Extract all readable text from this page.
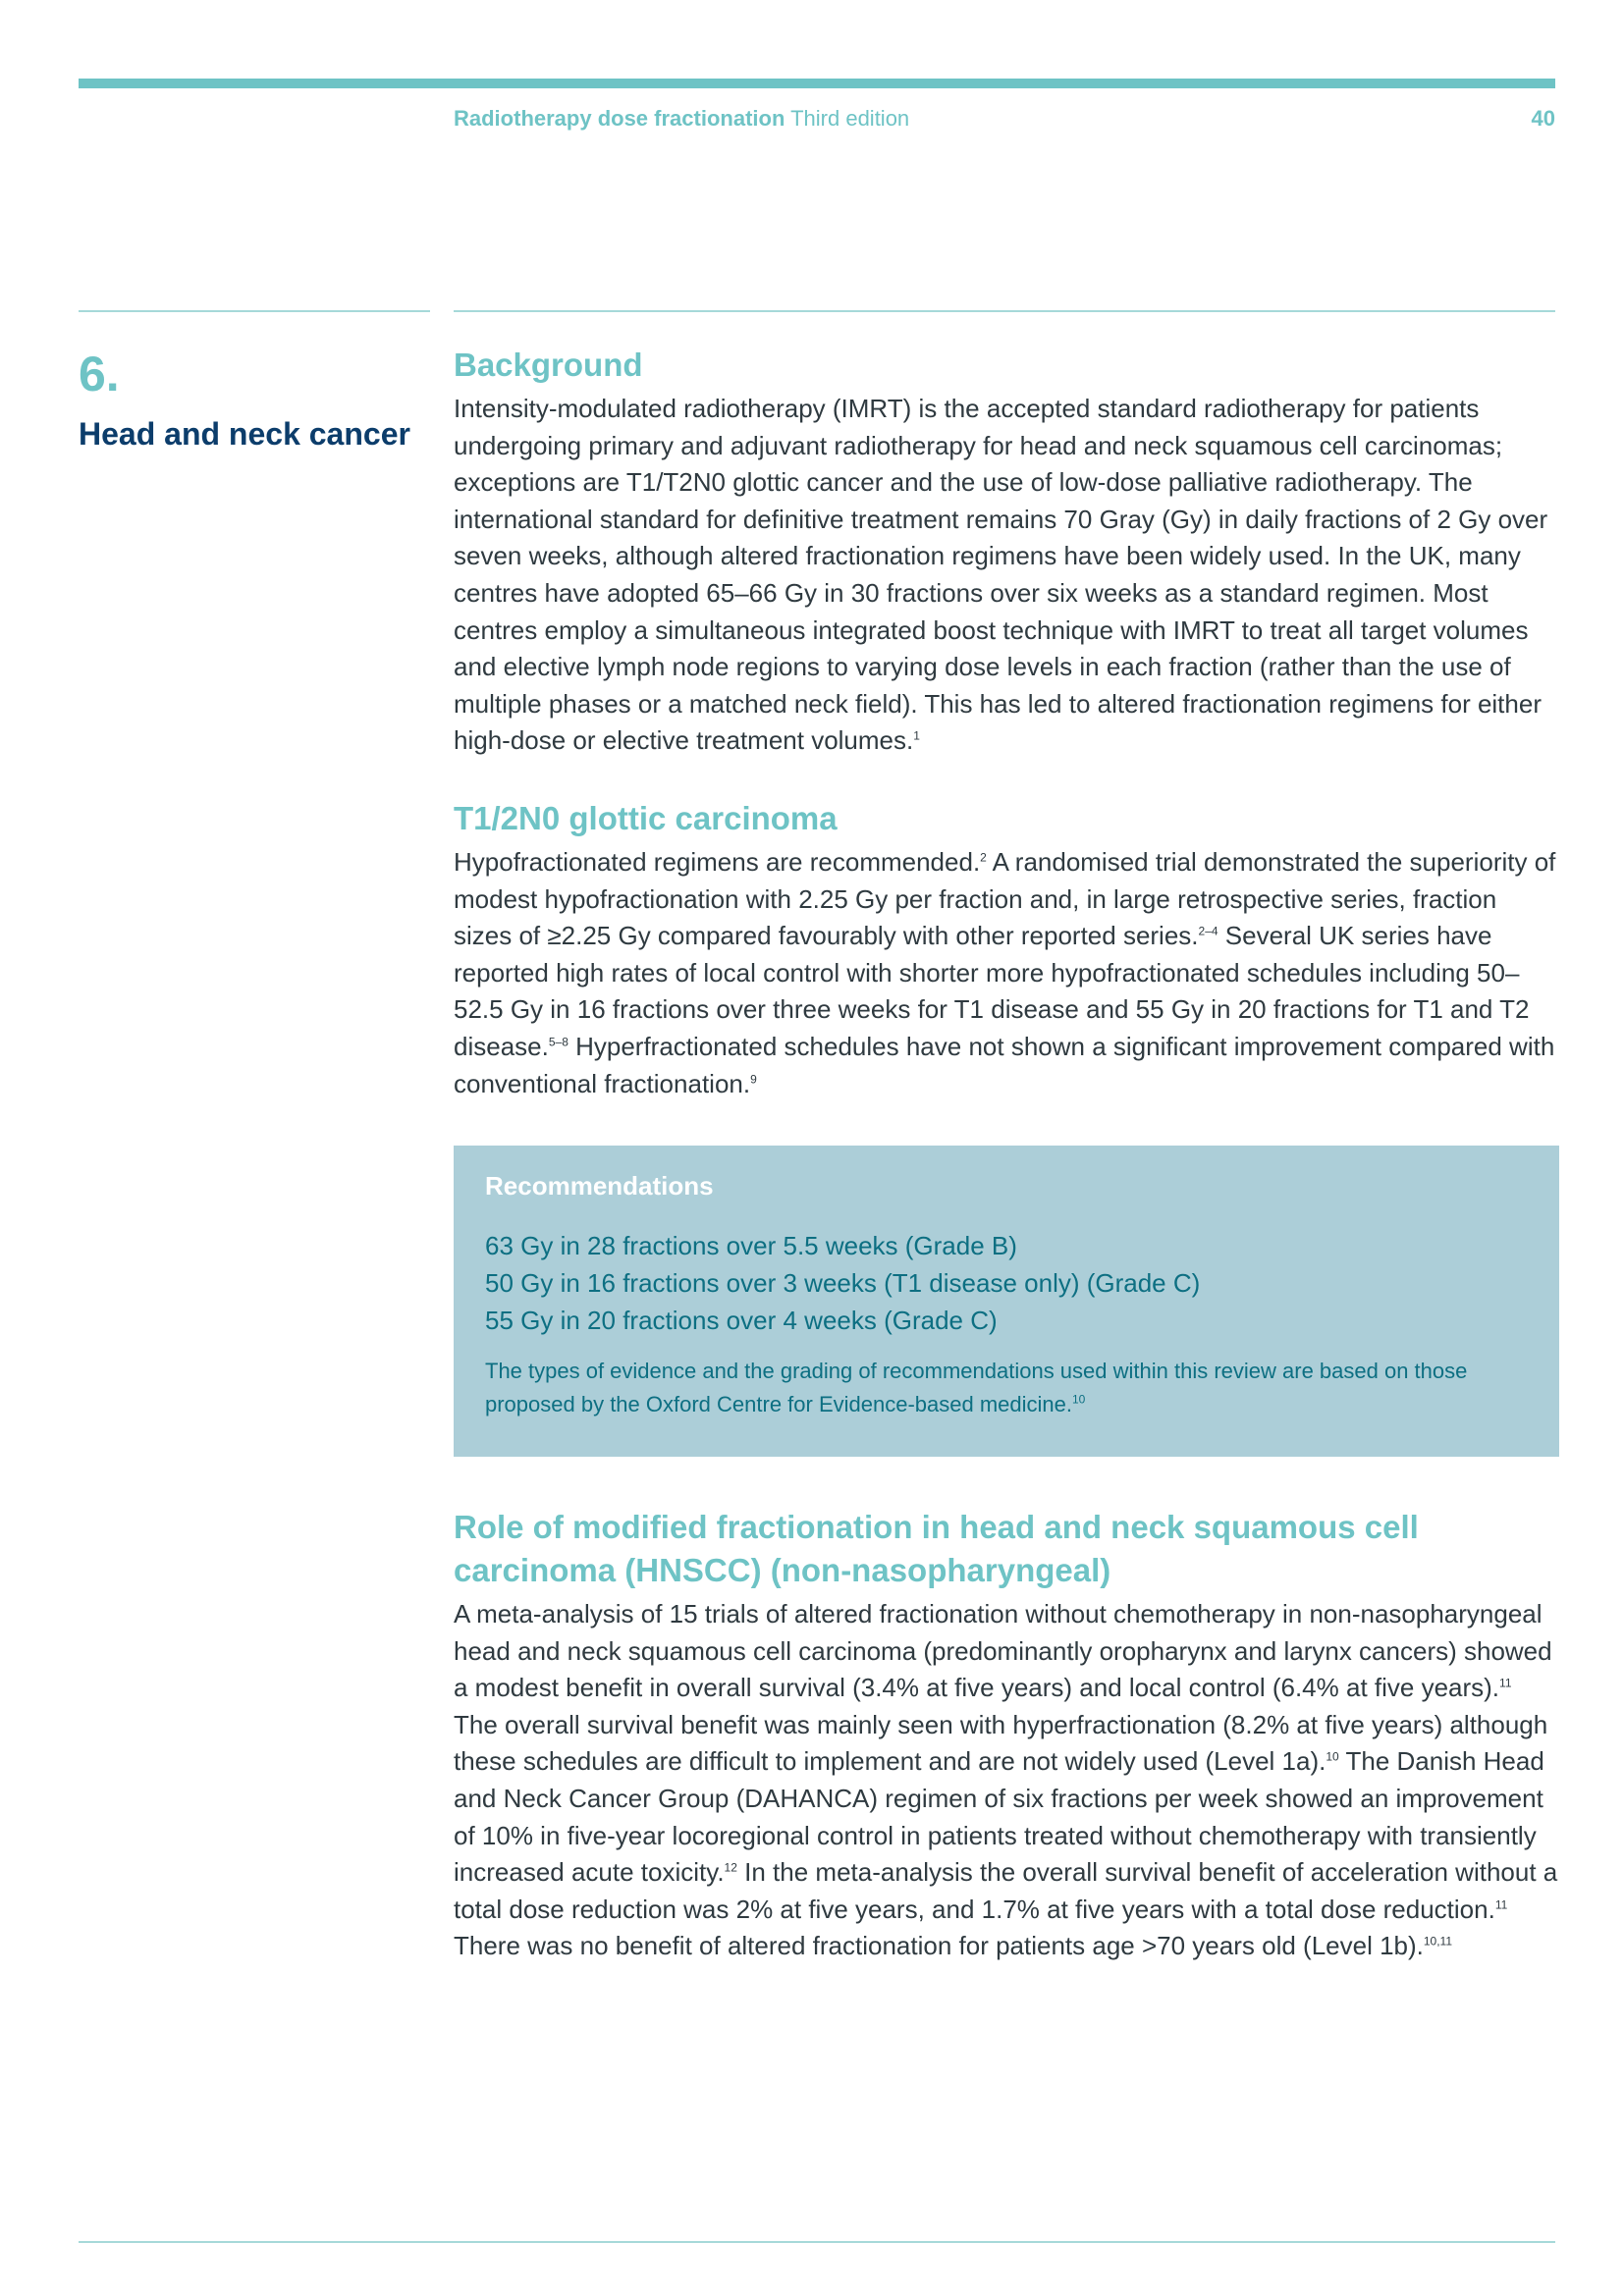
Radiotherapy dose fractionation Third edition	40
6.
Head and neck cancer
Background

Intensity-modulated radiotherapy (IMRT) is the accepted standard radiotherapy for patients undergoing primary and adjuvant radiotherapy for head and neck squamous cell carcinomas; exceptions are T1/T2N0 glottic cancer and the use of low-dose palliative radiotherapy. The international standard for definitive treatment remains 70 Gray (Gy) in daily fractions of 2 Gy over seven weeks, although altered fractionation regimens have been widely used. In the UK, many centres have adopted 65–66 Gy in 30 fractions over six weeks as a standard regimen. Most centres employ a simultaneous integrated boost technique with IMRT to treat all target volumes and elective lymph node regions to varying dose levels in each fraction (rather than the use of multiple phases or a matched neck field). This has led to altered fractionation regimens for either high-dose or elective treatment volumes.$^1$

T1/2N0 glottic carcinoma

Hypofractionated regimens are recommended.$^2$ A randomised trial demonstrated the superiority of modest hypofractionation with 2.25 Gy per fraction and, in large retrospective series, fraction sizes of ≥2.25 Gy compared favourably with other reported series.$^{2-4}$ Several UK series have reported high rates of local control with shorter more hypofractionated schedules including 50–52.5 Gy in 16 fractions over three weeks for T1 disease and 55 Gy in 20 fractions for T1 and T2 disease.$^{5-8}$ Hyperfractionated schedules have not shown a significant improvement compared with conventional fractionation.$^9$

Recommendations
63 Gy in 28 fractions over 5.5 weeks (Grade B)
50 Gy in 16 fractions over 3 weeks (T1 disease only) (Grade C)
55 Gy in 20 fractions over 4 weeks (Grade C)
The types of evidence and the grading of recommendations used within this review are based on those proposed by the Oxford Centre for Evidence-based medicine.$^{10}$
Role of modified fractionation in head and neck squamous cell carcinoma (HNSCC) (non-nasopharyngeal)

A meta-analysis of 15 trials of altered fractionation without chemotherapy in non-nasopharyngeal head and neck squamous cell carcinoma (predominantly oropharynx and larynx cancers) showed a modest benefit in overall survival (3.4% at five years) and local control (6.4% at five years).$^{11}$ The overall survival benefit was mainly seen with hyperfractionation (8.2% at five years) although these schedules are difficult to implement and are not widely used (Level 1a).$^{10}$ The Danish Head and Neck Cancer Group (DAHANCA) regimen of six fractions per week showed an improvement of 10% in five-year locoregional control in patients treated without chemotherapy with transiently increased acute toxicity.$^{12}$ In the meta-analysis the overall survival benefit of acceleration without a total dose reduction was 2% at five years, and 1.7% at five years with a total dose reduction.$^{11}$ There was no benefit of altered fractionation for patients age >70 years old (Level 1b).$^{10,11}$
